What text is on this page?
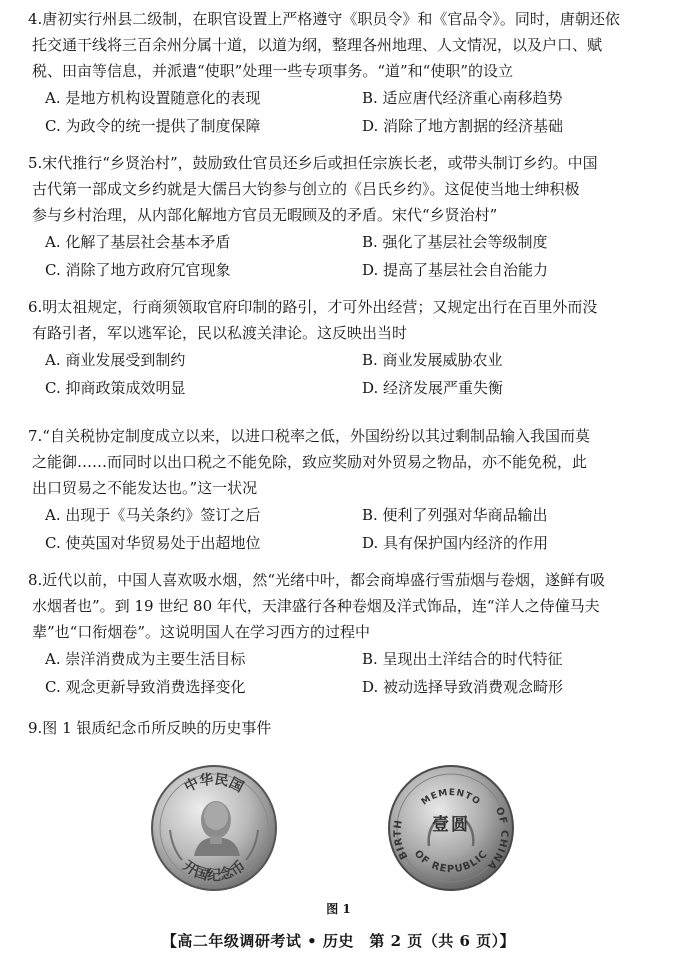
4.唐初实行州县二级制，在职官设置上严格遵守《职员令》和《官品令》。同时，唐朝还依
托交通干线将三百余州分属十道，以道为纲，整理各州地理、人文情况，以及户口、赋
税、田亩等信息，并派遣“使职”处理一些专项事务。“道”和“使职”的设立
A. 是地方机构设置随意化的表现	B. 适应唐代经济重心南移趋势
C. 为政令的统一提供了制度保障	D. 消除了地方割据的经济基础
5.宋代推行“乡贤治村”，鼓励致仕官员还乡后或担任宗族长老，或带头制订乡约。中国
古代第一部成文乡约就是大儒吕大钧参与创立的《吕氏乡约》。这促使当地士绅积极
参与乡村治理，从内部化解地方官员无暇顾及的矛盾。宋代“乡贤治村”
A. 化解了基层社会基本矛盾	B. 强化了基层社会等级制度
C. 消除了地方政府冗官现象	D. 提高了基层社会自治能力
6.明太祖规定，行商须领取官府印制的路引，才可外出经营；又规定出行在百里外而没
有路引者，军以逃军论，民以私渡关津论。这反映出当时
A. 商业发展受到制约	B. 商业发展威胁农业
C. 抑商政策成效明显	D. 经济发展严重失衡
7.“自关税协定制度成立以来，以进口税率之低，外国纷纷以其过剩制品输入我国而莫
之能御……而同时以出口税之不能免除，致应奖励对外贸易之物品，亦不能免税，此
出口贸易之不能发达也。”这一状况
A. 出现于《马关条约》签订之后	B. 便利了列强对华商品输出
C. 使英国对华贸易处于出超地位	D. 具有保护国内经济的作用
8.近代以前，中国人喜欢吸水烟，然“光绪中叶，都会商埠盛行雪茄烟与卷烟，遂鲜有吸
水烟者也”。到 19 世纪 80 年代，天津盛行各种卷烟及洋式饰品，连“洋人之侍僮马夫
辈”也“口衔烟卷”。这说明国人在学习西方的过程中
A. 崇洋消费成为主要生活目标	B. 呈现出土洋结合的时代特征
C. 观念更新导致消费选择变化	D. 被动选择导致消费观念畸形
9.图 1 银质纪念币所反映的历史事件
中华民国
开国纪念币
MEMENTO
BIRTH
OF CHINA
OF REPUBLIC
壹圆
图 1
【高二年级调研考试 • 历史　第 2 页（共 6 页）】
